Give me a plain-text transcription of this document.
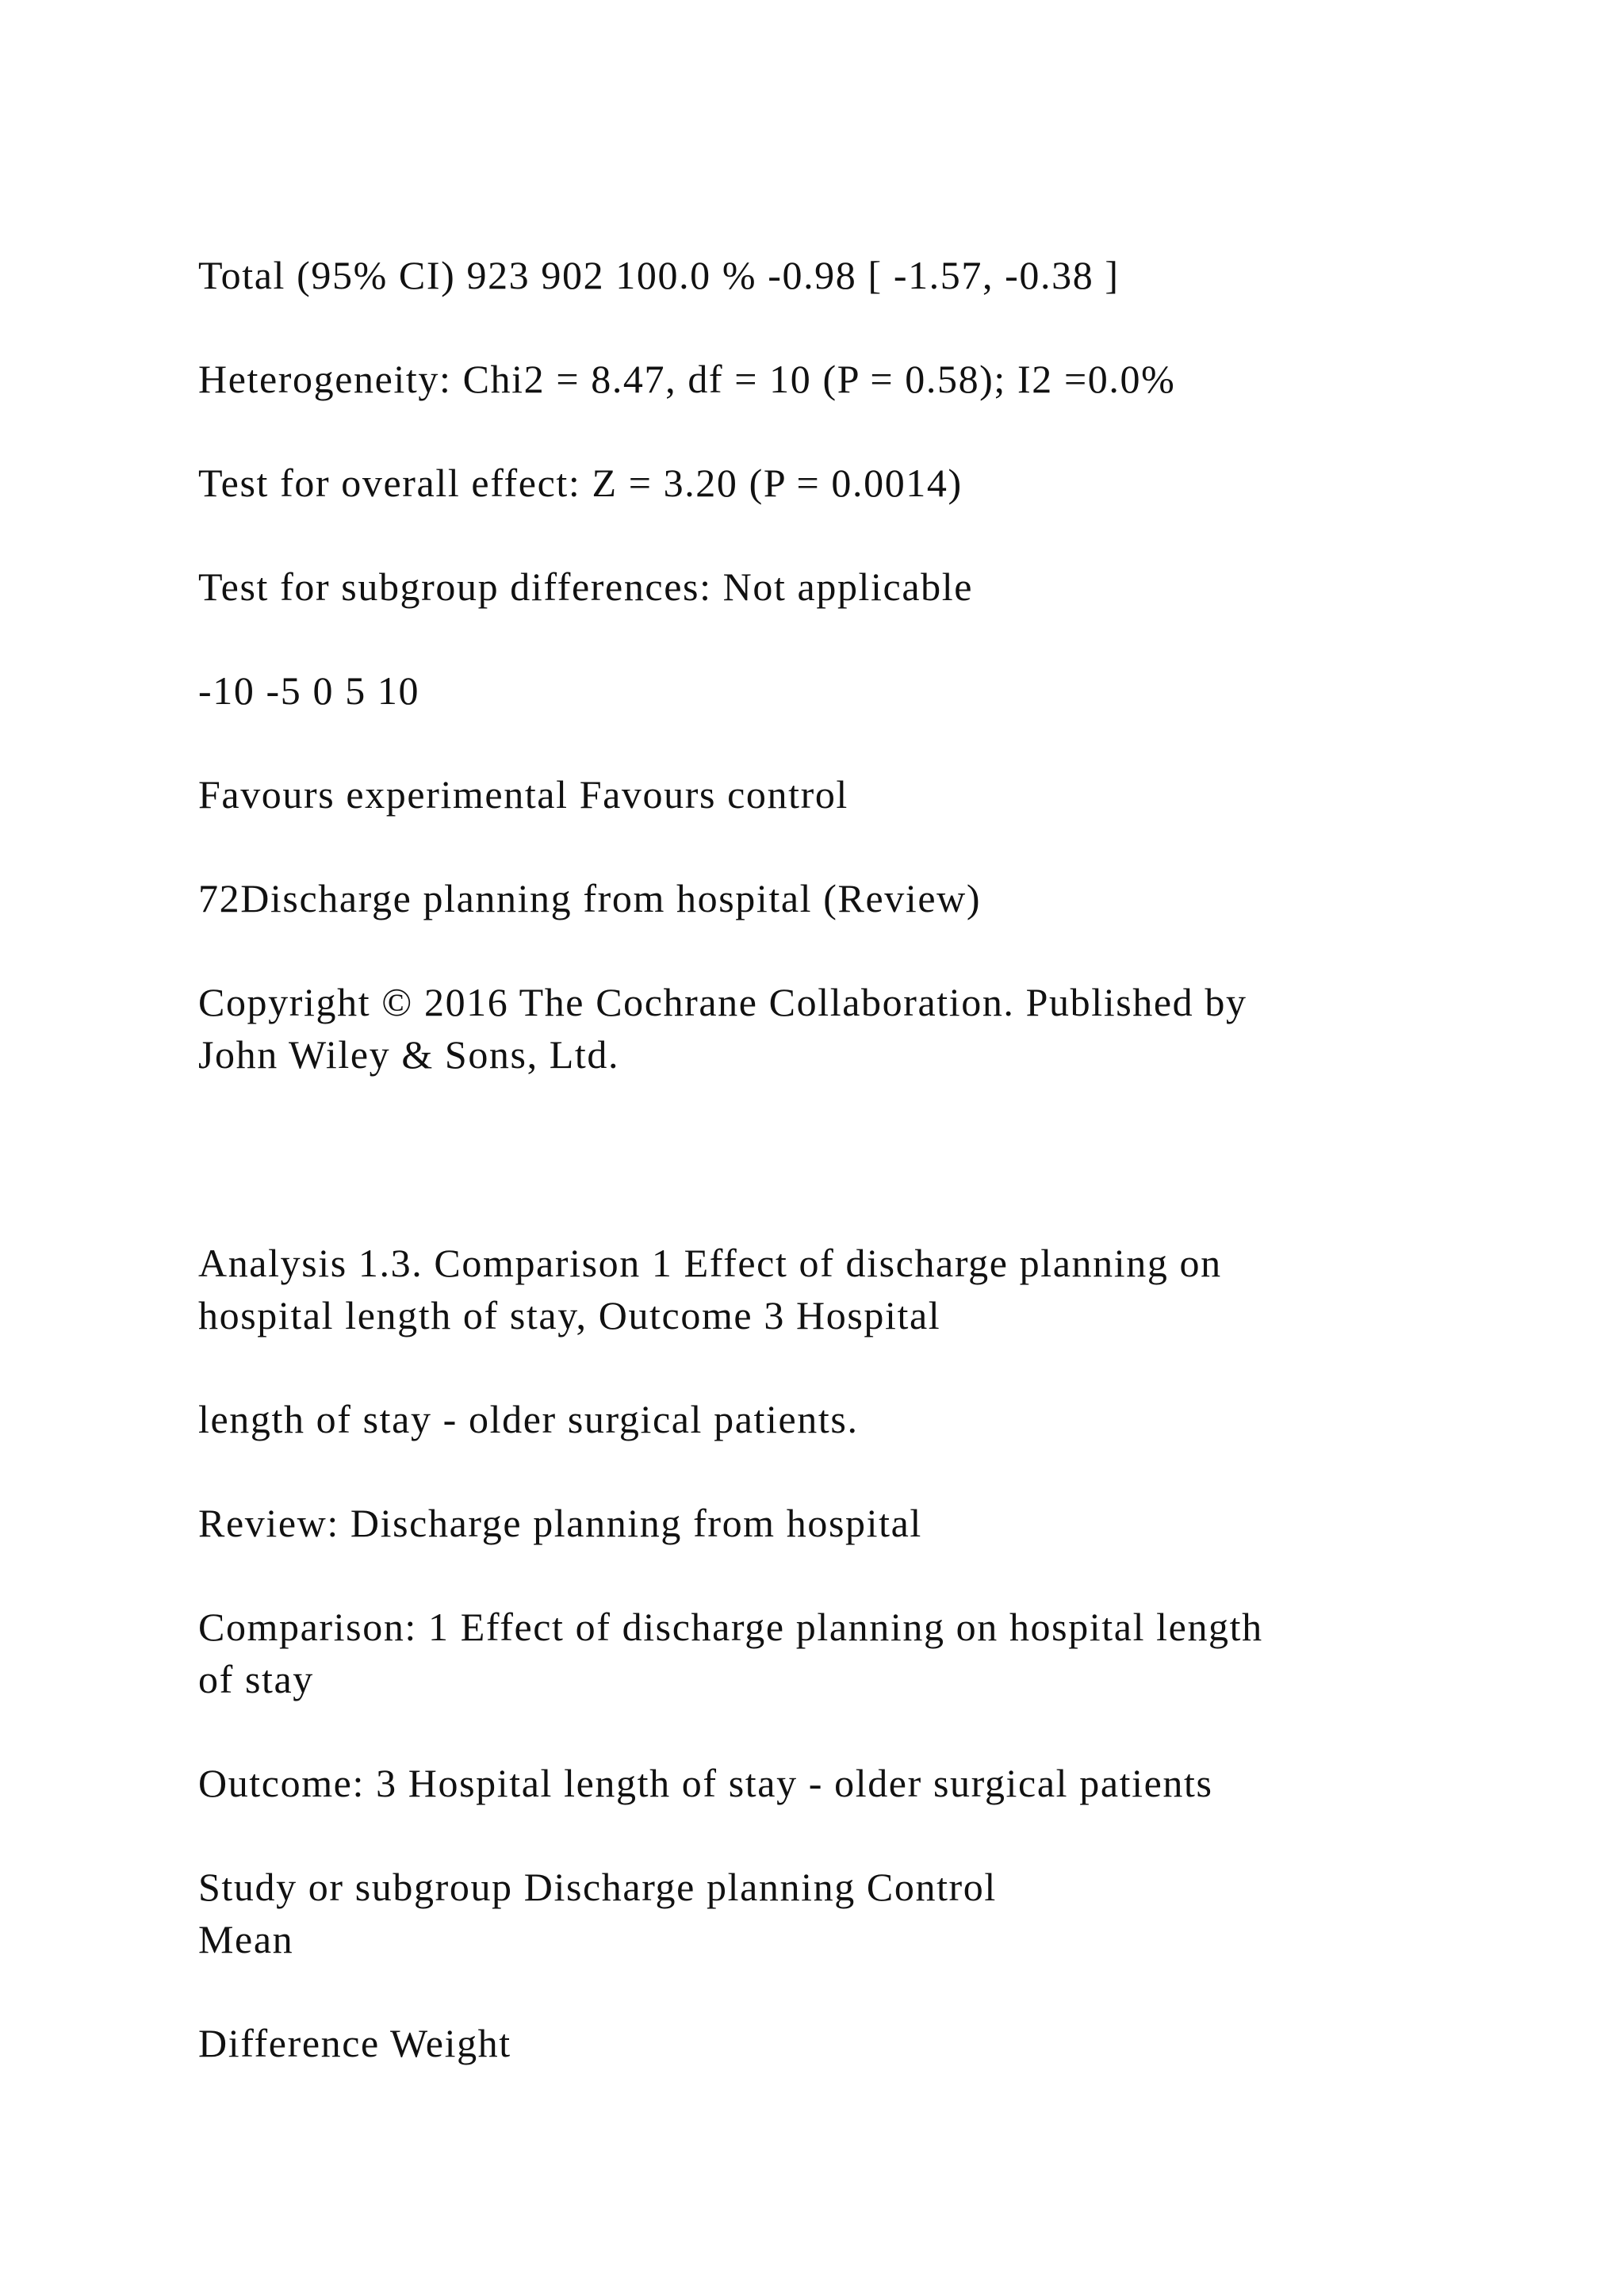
Total (95% CI) 923 902 100.0 % -0.98 [ -1.57, -0.38 ]

Heterogeneity: Chi2 = 8.47, df = 10 (P = 0.58); I2 =0.0%

Test for overall effect: Z = 3.20 (P = 0.0014)

Test for subgroup differences: Not applicable

-10 -5 0 5 10

Favours experimental Favours control

72Discharge planning from hospital (Review)

Copyright © 2016 The Cochrane Collaboration. Published by
John Wiley & Sons, Ltd.

Analysis 1.3. Comparison 1 Effect of discharge planning on
hospital length of stay, Outcome 3 Hospital

length of stay - older surgical patients.

Review: Discharge planning from hospital

Comparison: 1 Effect of discharge planning on hospital length
of stay

Outcome: 3 Hospital length of stay - older surgical patients

Study or subgroup Discharge planning Control
Mean

Difference Weight
